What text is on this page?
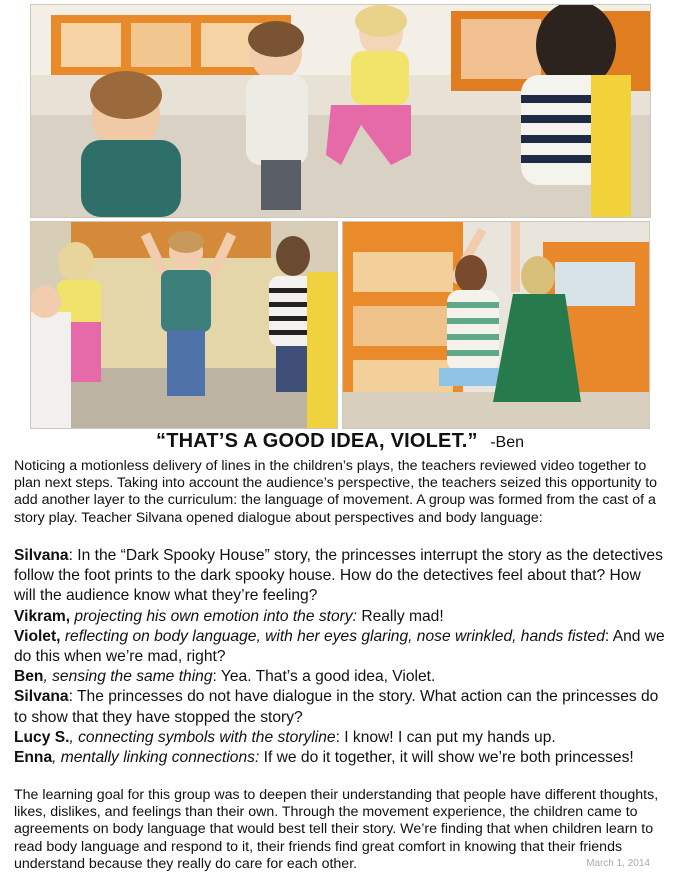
“THAT’S A GOOD IDEA, VIOLET.” -Ben
Noticing a motionless delivery of lines in the children’s plays, the teachers reviewed video together to plan next steps. Taking into account the audience’s perspective, the teachers seized this opportunity to add another layer to the curriculum: the language of movement. A group was formed from the cast of a story play. Teacher Silvana opened dialogue about perspectives and body language:

Silvana: In the “Dark Spooky House” story, the princesses interrupt the story as the detectives follow the foot prints to the dark spooky house. How do the detectives feel about that? How will the audience know what they’re feeling?

Vikram, projecting his own emotion into the story: Really mad!

Violet, reflecting on body language, with her eyes glaring, nose wrinkled, hands fisted: And we do this when we’re mad, right?

Ben, sensing the same thing: Yea. That’s a good idea, Violet.

Silvana: The princesses do not have dialogue in the story. What action can the princesses do to show that they have stopped the story?

Lucy S., connecting symbols with the storyline: I know! I can put my hands up.

Enna, mentally linking connections: If we do it together, it will show we’re both princesses!

The learning goal for this group was to deepen their understanding that people have different thoughts, likes, dislikes, and feelings than their own. Through the movement experience, the children came to agreements on body language that would best tell their story. We’re finding that when children learn to read body language and respond to it, their friends find great comfort in knowing that their friends understand because they really do care for each other.	March 1, 2014
